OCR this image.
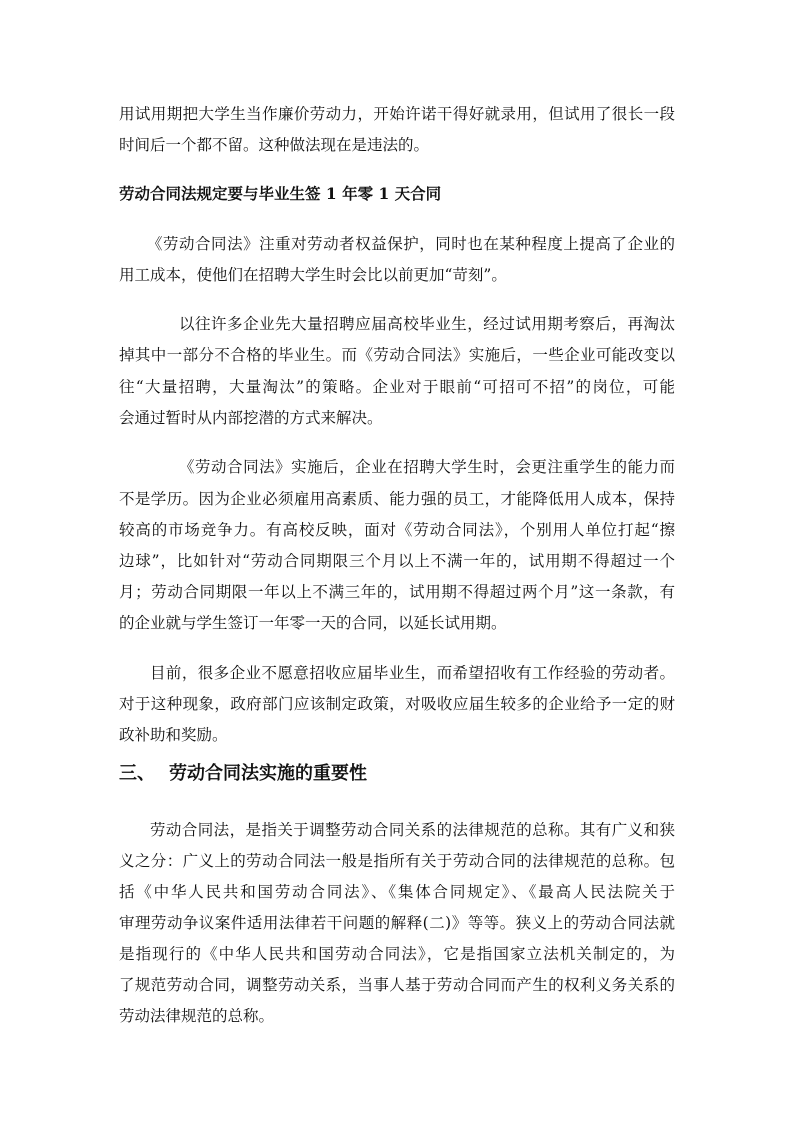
用试用期把大学生当作廉价劳动力，开始许诺干得好就录用，但试用了很长一段
时间后一个都不留。这种做法现在是违法的。
劳动合同法规定要与毕业生签 1 年零 1 天合同
《劳动合同法》注重对劳动者权益保护，同时也在某种程度上提高了企业的
用工成本，使他们在招聘大学生时会比以前更加“苛刻”。
以往许多企业先大量招聘应届高校毕业生，经过试用期考察后，再淘汰
掉其中一部分不合格的毕业生。而《劳动合同法》实施后，一些企业可能改变以
往“大量招聘，大量淘汰”的策略。企业对于眼前“可招可不招”的岗位，可能
会通过暂时从内部挖潜的方式来解决。
《劳动合同法》实施后，企业在招聘大学生时，会更注重学生的能力而
不是学历。因为企业必须雇用高素质、能力强的员工，才能降低用人成本，保持
较高的市场竞争力。有高校反映，面对《劳动合同法》，个别用人单位打起“擦
边球”，比如针对“劳动合同期限三个月以上不满一年的，试用期不得超过一个
月；劳动合同期限一年以上不满三年的，试用期不得超过两个月”这一条款，有
的企业就与学生签订一年零一天的合同，以延长试用期。
目前，很多企业不愿意招收应届毕业生，而希望招收有工作经验的劳动者。
对于这种现象，政府部门应该制定政策，对吸收应届生较多的企业给予一定的财
政补助和奖励。
三、 劳动合同法实施的重要性
劳动合同法，是指关于调整劳动合同关系的法律规范的总称。其有广义和狭
义之分：广义上的劳动合同法一般是指所有关于劳动合同的法律规范的总称。包
括《中华人民共和国劳动合同法》、《集体合同规定》、《最高人民法院关于
审理劳动争议案件适用法律若干问题的解释(二)》等等。狭义上的劳动合同法就
是指现行的《中华人民共和国劳动合同法》，它是指国家立法机关制定的，为
了规范劳动合同，调整劳动关系，当事人基于劳动合同而产生的权利义务关系的
劳动法律规范的总称。
